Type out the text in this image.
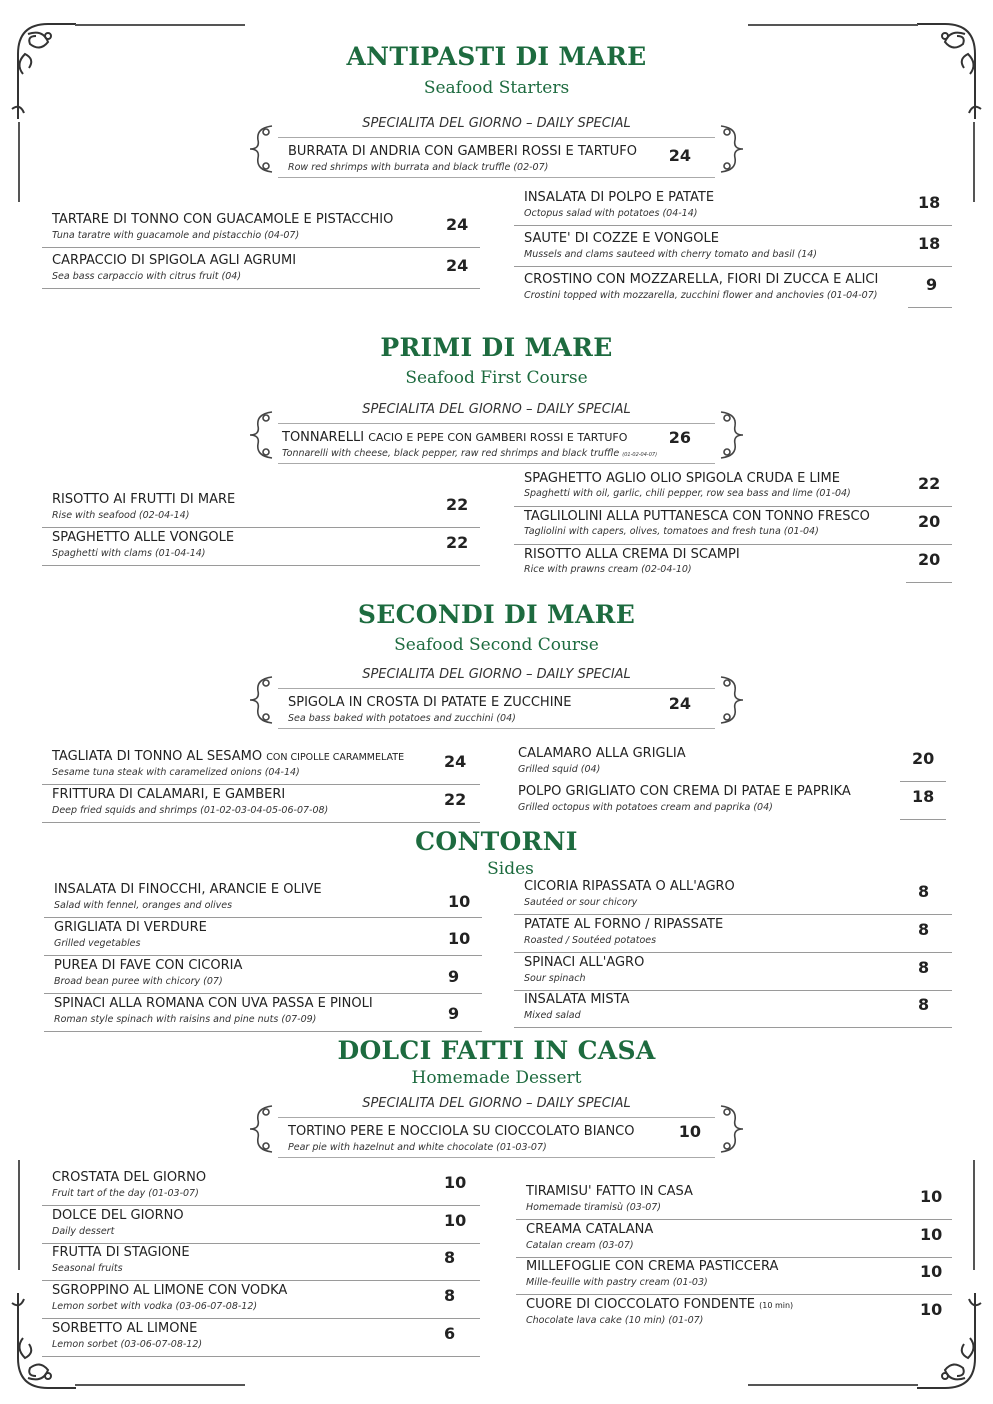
ANTIPASTI DI MARE
Seafood Starters
SPECIALITA DEL GIORNO – DAILY SPECIAL
BURRATA DI ANDRIA CON GAMBERI ROSSI E TARTUFO
Row red shrimps with burrata and black truffle (02-07)
24
TARTARE DI TONNO CON GUACAMOLE E PISTACCHIO
Tuna taratre with guacamole and pistacchio (04-07)
24
CARPACCIO DI SPIGOLA AGLI AGRUMI
Sea bass carpaccio with citrus fruit (04)
24
INSALATA DI POLPO E PATATE
Octopus salad with potatoes (04-14)
18
SAUTE' DI COZZE E VONGOLE
Mussels and clams sauteed with cherry tomato and basil (14)
18
CROSTINO CON MOZZARELLA, FIORI DI ZUCCA E ALICI
Crostini topped with mozzarella, zucchini flower and anchovies (01-04-07)
9
PRIMI DI MARE
Seafood First Course
SPECIALITA DEL GIORNO – DAILY SPECIAL
TONNARELLI CACIO E PEPE CON GAMBERI ROSSI E TARTUFO
Tonnarelli with cheese, black pepper, raw red shrimps and black truffle (01-02-04-07)
26
RISOTTO AI FRUTTI DI MARE
Rise with seafood (02-04-14)
22
SPAGHETTO ALLE VONGOLE
Spaghetti with clams (01-04-14)
22
SPAGHETTO AGLIO OLIO SPIGOLA CRUDA E LIME
Spaghetti with oil, garlic, chili pepper, row sea bass and lime (01-04)
22
TAGLILOLINI ALLA PUTTANESCA CON TONNO FRESCO
Tagliolini with capers, olives, tomatoes and fresh tuna (01-04)
20
RISOTTO ALLA CREMA DI SCAMPI
Rice with prawns cream (02-04-10)
20
SECONDI DI MARE
Seafood Second Course
SPECIALITA DEL GIORNO – DAILY SPECIAL
SPIGOLA IN CROSTA DI PATATE E ZUCCHINE
Sea bass baked with potatoes and zucchini (04)
24
TAGLIATA DI TONNO AL SESAMO CON CIPOLLE CARAMMELATE
Sesame tuna steak with caramelized onions (04-14)
24
FRITTURA DI CALAMARI, E GAMBERI
Deep fried squids and shrimps (01-02-03-04-05-06-07-08)
22
CALAMARO ALLA GRIGLIA
Grilled squid (04)
20
POLPO GRIGLIATO CON CREMA DI PATAE E PAPRIKA
Grilled octopus with potatoes cream and paprika (04)
18
CONTORNI
Sides
INSALATA DI FINOCCHI, ARANCIE E OLIVE
Salad with fennel, oranges and olives	10
GRIGLIATA DI VERDURE
Grilled vegetables	10
PUREA DI FAVE CON CICORIA
Broad bean puree with chicory (07)	9
SPINACI ALLA ROMANA CON UVA PASSA E PINOLI
Roman style spinach with raisins and pine nuts (07-09)	9
CICORIA RIPASSATA O ALL'AGRO
Sautéed or sour chicory
8
PATATE AL FORNO / RIPASSATE
Roasted / Soutéed potatoes
8
SPINACI ALL'AGRO
Sour spinach
8
INSALATA MISTA
Mixed salad
8
DOLCI FATTI IN CASA
Homemade Dessert
SPECIALITA DEL GIORNO – DAILY SPECIAL
TORTINO PERE E NOCCIOLA SU CIOCCOLATO BIANCO
Pear pie with hazelnut and white chocolate (01-03-07)
10
CROSTATA DEL GIORNO
Fruit tart of the day (01-03-07)
10
DOLCE DEL GIORNO
Daily dessert
10
FRUTTA DI STAGIONE
Seasonal fruits
8
SGROPPINO AL LIMONE CON VODKA
Lemon sorbet with vodka (03-06-07-08-12)
8
SORBETTO AL LIMONE
Lemon sorbet (03-06-07-08-12)
6
TIRAMISU' FATTO IN CASA
Homemade tiramisù (03-07)
10
CREAMA CATALANA
Catalan cream (03-07)
10
MILLEFOGLIE CON CREMA PASTICCERA
Mille-feuille with pastry cream (01-03)
10
CUORE DI CIOCCOLATO FONDENTE (10 min)
Chocolate lava cake (10 min) (01-07)
10
